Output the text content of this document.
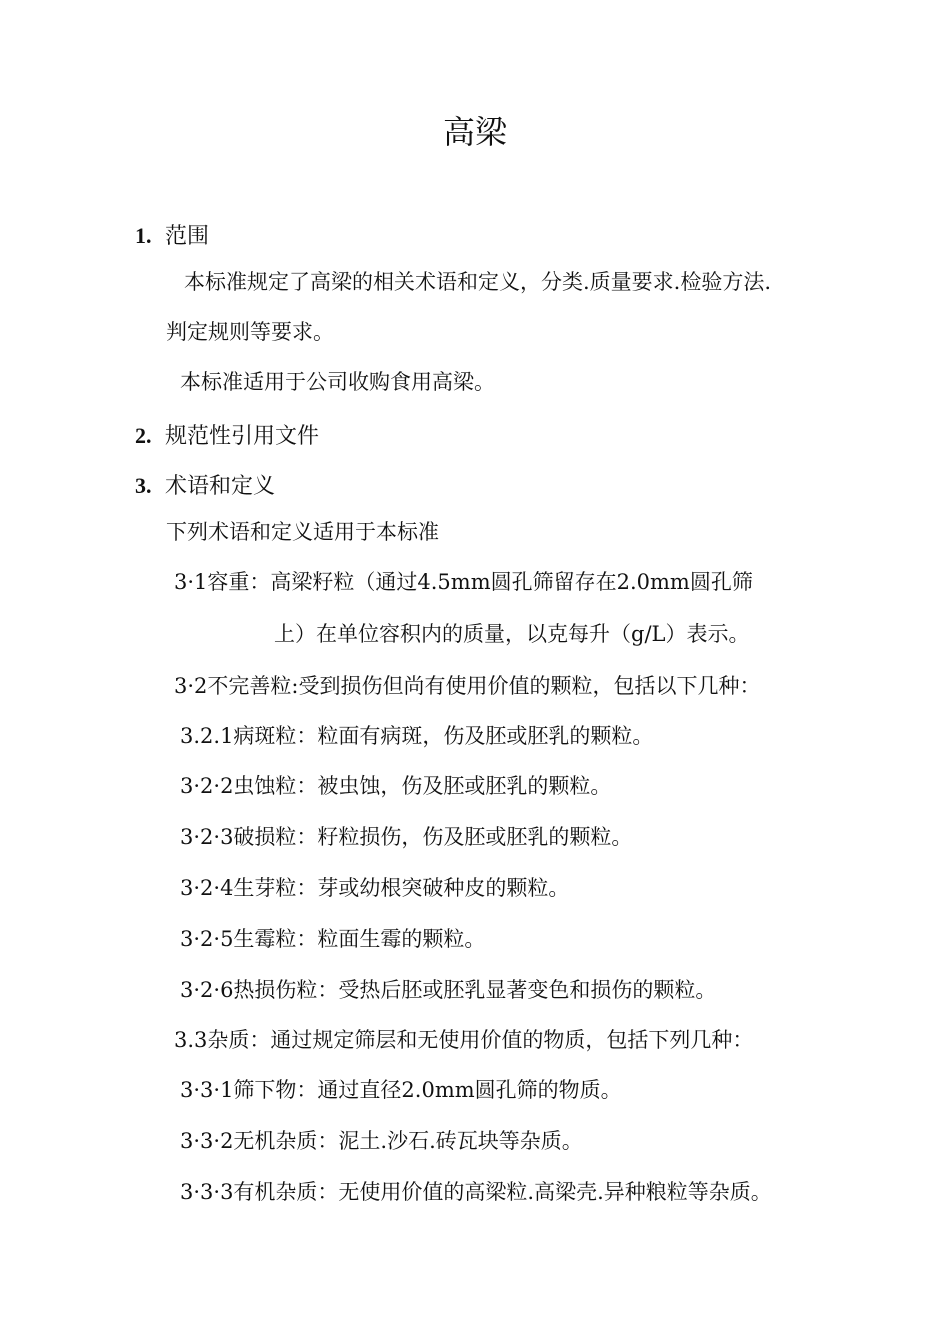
高梁
1. 范围
本标准规定了高梁的相关术语和定义，分类.质量要求.检验方法.
判定规则等要求。
本标准适用于公司收购食用高梁。
2. 规范性引用文件
3. 术语和定义
下列术语和定义适用于本标准
3·1容重：高梁籽粒（通过4.5mm圆孔筛留存在2.0mm圆孔筛
上）在单位容积内的质量，以克每升（g/L）表示。
3·2不完善粒:受到损伤但尚有使用价值的颗粒，包括以下几种：
3.2.1病斑粒：粒面有病斑，伤及胚或胚乳的颗粒。
3·2·2虫蚀粒：被虫蚀，伤及胚或胚乳的颗粒。
3·2·3破损粒：籽粒损伤，伤及胚或胚乳的颗粒。
3·2·4生芽粒：芽或幼根突破种皮的颗粒。
3·2·5生霉粒：粒面生霉的颗粒。
3·2·6热损伤粒：受热后胚或胚乳显著变色和损伤的颗粒。
3.3杂质：通过规定筛层和无使用价值的物质，包括下列几种：
3·3·1筛下物：通过直径2.0mm圆孔筛的物质。
3·3·2无机杂质：泥土.沙石.砖瓦块等杂质。
3·3·3有机杂质：无使用价值的高梁粒.高梁壳.异种粮粒等杂质。
